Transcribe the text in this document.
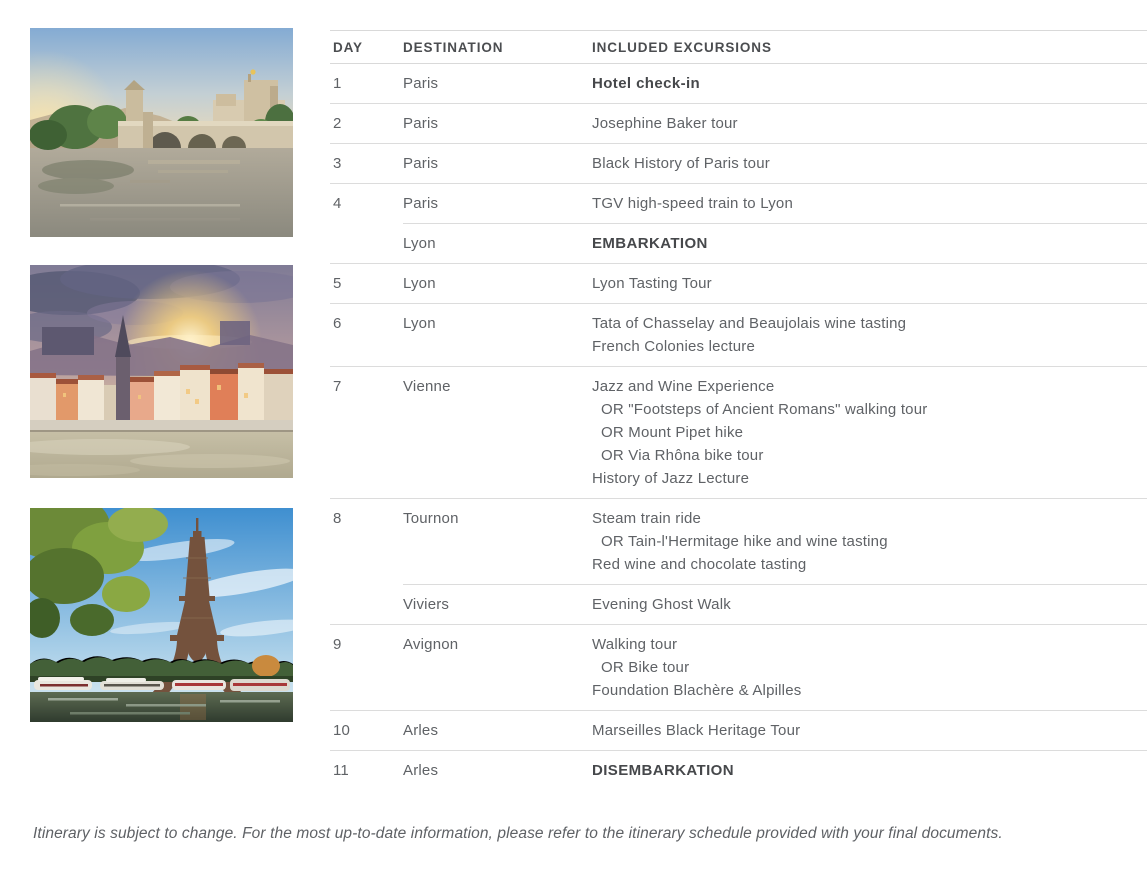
DAY	DESTINATION	INCLUDED EXCURSIONS
1	Paris	Hotel check-in
2	Paris	Josephine Baker tour
3	Paris	Black History of Paris tour
4	Paris	TGV high-speed train to Lyon
Lyon	EMBARKATION
5	Lyon	Lyon Tasting Tour
6	Lyon	Tata of Chasselay and Beaujolais wine tasting
French Colonies lecture
7	Vienne	Jazz and Wine Experience
OR "Footsteps of Ancient Romans" walking tour
OR Mount Pipet hike
OR Via Rhôna bike tour
History of Jazz Lecture
8	Tournon	Steam train ride
OR Tain-l'Hermitage hike and wine tasting
Red wine and chocolate tasting
Viviers	Evening Ghost Walk
9	Avignon	Walking tour
OR Bike tour
Foundation Blachère & Alpilles
10	Arles	Marseilles Black Heritage Tour
11	Arles	DISEMBARKATION

Itinerary is subject to change. For the most up-to-date information, please refer to the itinerary schedule provided with your final documents.
